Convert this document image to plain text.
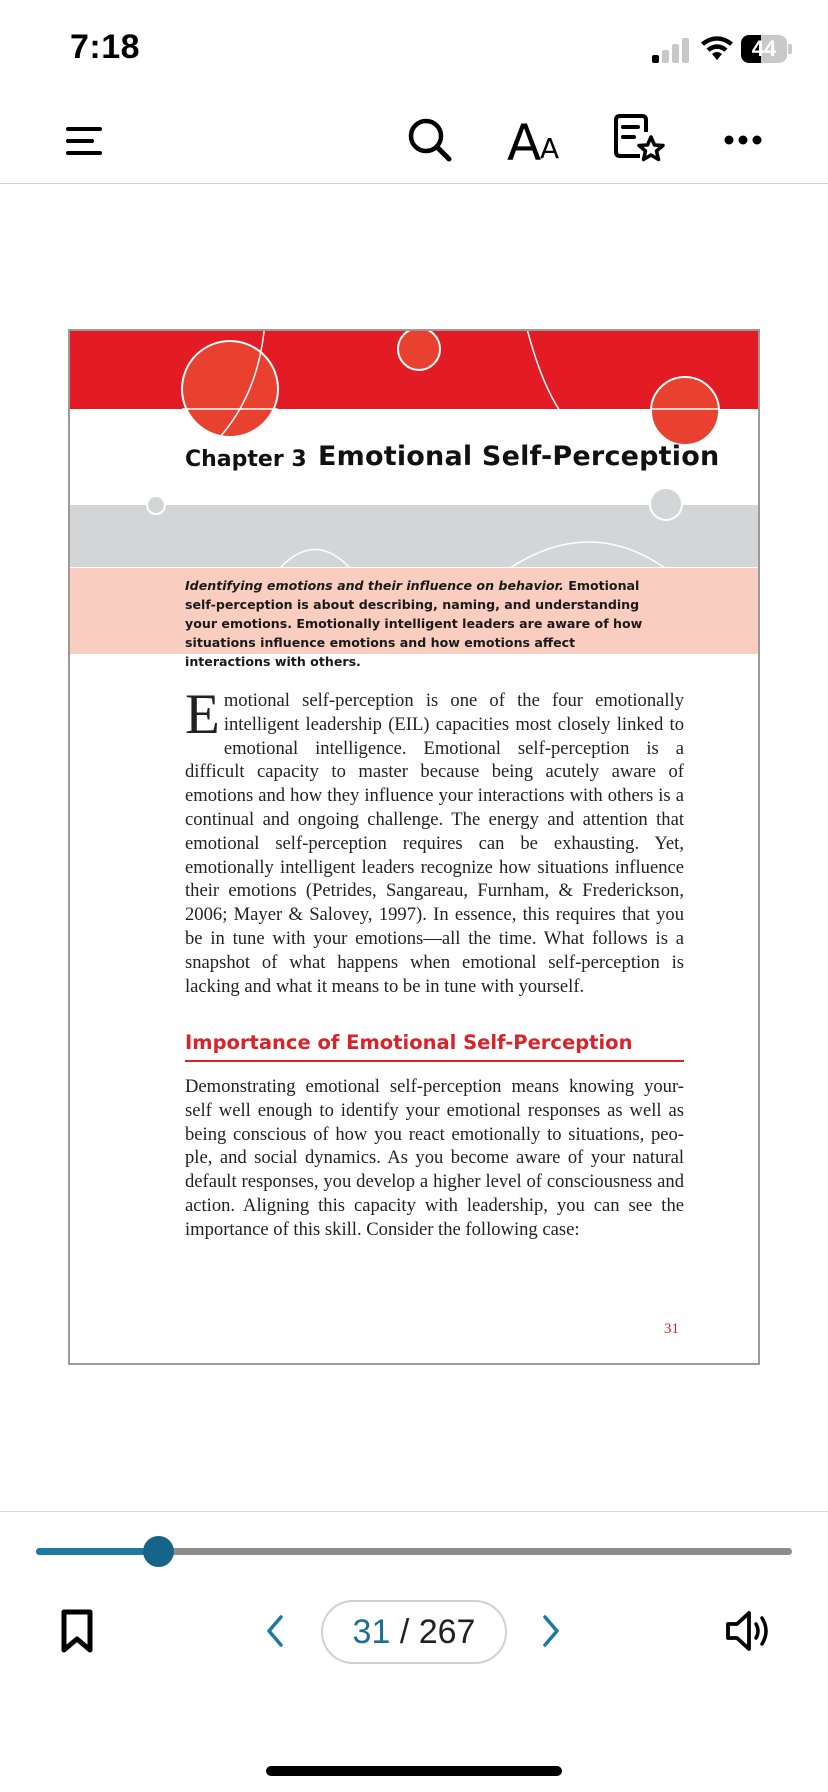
7:18	44
A
A
Chapter 3 Emotional Self-Perception
Identifying emotions and their influence on behavior. Emotional self-perception is about describing, naming, and understanding your emotions. Emotionally intelligent leaders are aware of how situations influence emotions and how emotions affect interactions with others.
Emotional self-perception is one of the four emotionally intelligent leadership (EIL) capacities most closely linked to emotional intelligence. Emotional self-perception is a difficult capacity to master because being acutely aware of emotions and how they influence your interactions with others is a continual and ongoing challenge. The energy and attention that emotional self-perception requires can be exhausting. Yet, emotionally intelligent leaders recognize how situations influence their emotions (Petrides, Sangareau, Furnham, & Frederickson, 2006; Mayer & Salovey, 1997). In essence, this requires that you be in tune with your emotions—all the time. What follows is a snapshot of what happens when emotional self-perception is lacking and what it means to be in tune with yourself.
Importance of Emotional Self-Perception
Demonstrating emotional self-perception means knowing your- self well enough to identify your emotional responses as well as being conscious of how you react emotionally to situations, peo- ple, and social dynamics. As you become aware of your natural default responses, you develop a higher level of consciousness and action. Aligning this capacity with leadership, you can see the importance of this skill. Consider the following case:
31
31 / 267
